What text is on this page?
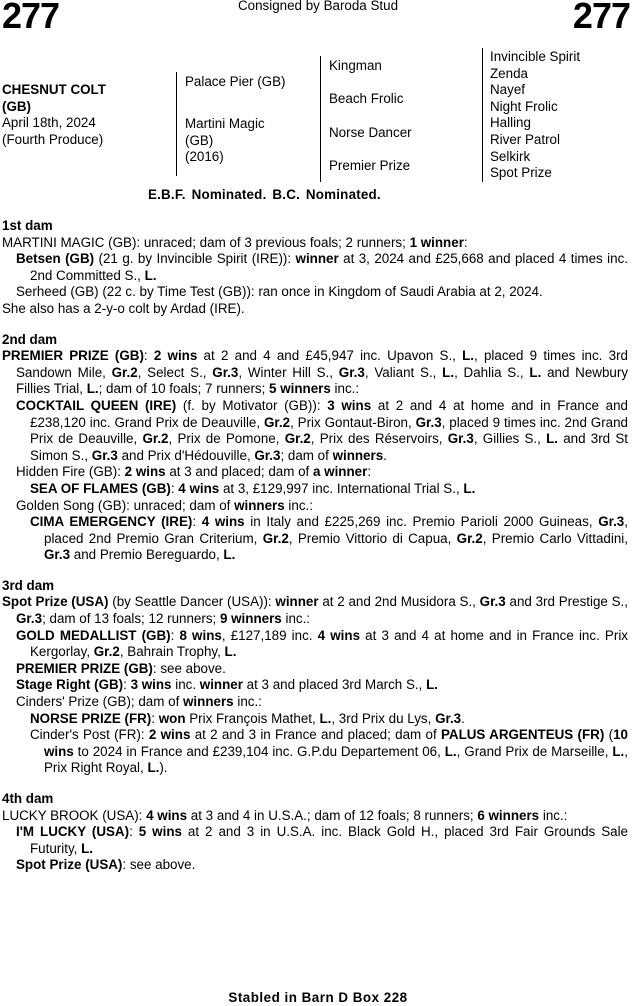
277	Consigned by Baroda Stud	277
CHESNUT COLT
(GB)
April 18th, 2024
(Fourth Produce)
Palace Pier (GB)
Martini Magic
(GB)
(2016)
Kingman
Beach Frolic
Norse Dancer
Premier Prize
Invincible Spirit
Zenda
Nayef
Night Frolic
Halling
River Patrol
Selkirk
Spot Prize
E.B.F. Nominated. B.C. Nominated.
1st dam
MARTINI MAGIC (GB): unraced; dam of 3 previous foals; 2 runners; 1 winner:
Betsen (GB) (21 g. by Invincible Spirit (IRE)): winner at 3, 2024 and £25,668 and placed 4 times inc. 2nd Committed S., L.
Serheed (GB) (22 c. by Time Test (GB)): ran once in Kingdom of Saudi Arabia at 2, 2024.
She also has a 2-y-o colt by Ardad (IRE).
2nd dam
PREMIER PRIZE (GB): 2 wins at 2 and 4 and £45,947 inc. Upavon S., L., placed 9 times inc. 3rd Sandown Mile, Gr.2, Select S., Gr.3, Winter Hill S., Gr.3, Valiant S., L., Dahlia S., L. and Newbury Fillies Trial, L.; dam of 10 foals; 7 runners; 5 winners inc.:
COCKTAIL QUEEN (IRE) (f. by Motivator (GB)): 3 wins at 2 and 4 at home and in France and £238,120 inc. Grand Prix de Deauville, Gr.2, Prix Gontaut-Biron, Gr.3, placed 9 times inc. 2nd Grand Prix de Deauville, Gr.2, Prix de Pomone, Gr.2, Prix des Réservoirs, Gr.3, Gillies S., L. and 3rd St Simon S., Gr.3 and Prix d'Hédouville, Gr.3; dam of winners.
Hidden Fire (GB): 2 wins at 3 and placed; dam of a winner:
SEA OF FLAMES (GB): 4 wins at 3, £129,997 inc. International Trial S., L.
Golden Song (GB): unraced; dam of winners inc.:
CIMA EMERGENCY (IRE): 4 wins in Italy and £225,269 inc. Premio Parioli 2000 Guineas, Gr.3, placed 2nd Premio Gran Criterium, Gr.2, Premio Vittorio di Capua, Gr.2, Premio Carlo Vittadini, Gr.3 and Premio Bereguardo, L.
3rd dam
Spot Prize (USA) (by Seattle Dancer (USA)): winner at 2 and 2nd Musidora S., Gr.3 and 3rd Prestige S., Gr.3; dam of 13 foals; 12 runners; 9 winners inc.:
GOLD MEDALLIST (GB): 8 wins, £127,189 inc. 4 wins at 3 and 4 at home and in France inc. Prix Kergorlay, Gr.2, Bahrain Trophy, L.
PREMIER PRIZE (GB): see above.
Stage Right (GB): 3 wins inc. winner at 3 and placed 3rd March S., L.
Cinders' Prize (GB); dam of winners inc.:
NORSE PRIZE (FR): won Prix François Mathet, L., 3rd Prix du Lys, Gr.3.
Cinder's Post (FR): 2 wins at 2 and 3 in France and placed; dam of PALUS ARGENTEUS (FR) (10 wins to 2024 in France and £239,104 inc. G.P.du Departement 06, L., Grand Prix de Marseille, L., Prix Right Royal, L.).
4th dam
LUCKY BROOK (USA): 4 wins at 3 and 4 in U.S.A.; dam of 12 foals; 8 runners; 6 winners inc.:
I'M LUCKY (USA): 5 wins at 2 and 3 in U.S.A. inc. Black Gold H., placed 3rd Fair Grounds Sale Futurity, L.
Spot Prize (USA): see above.
Stabled in Barn D Box 228
